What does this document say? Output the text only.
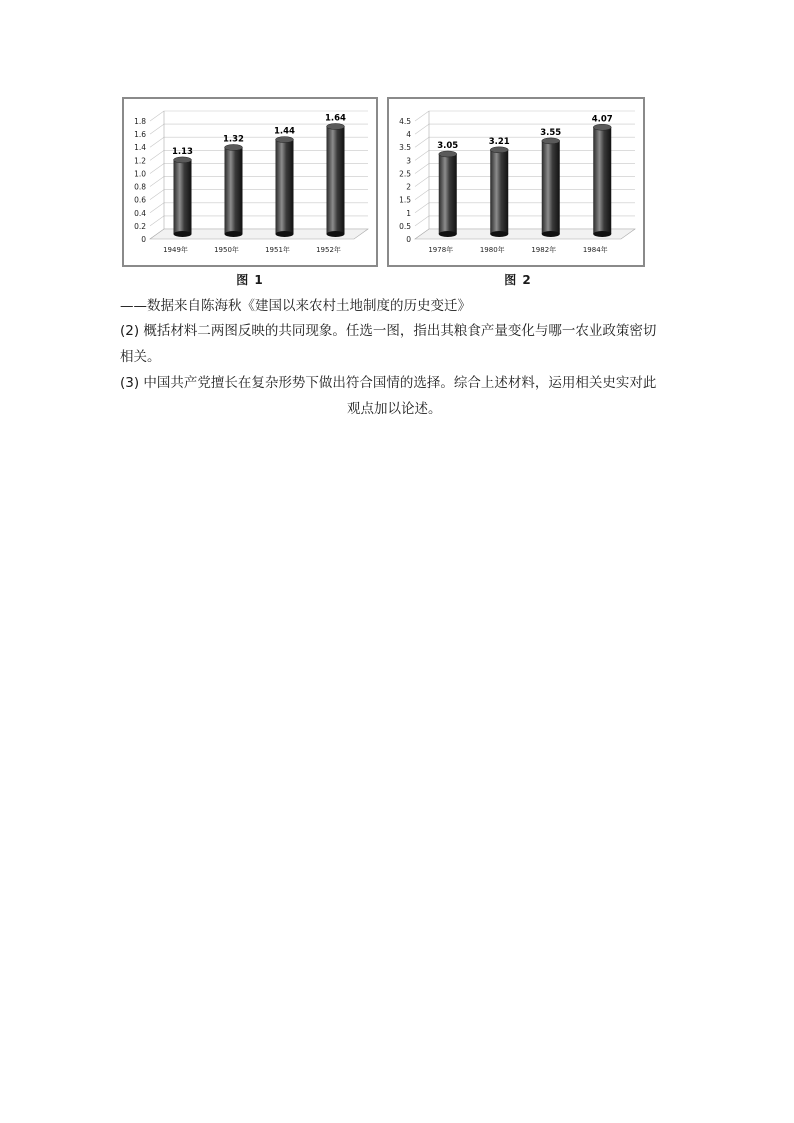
0
0.2
0.4
0.6
0.8
1.0
1.2
1.4
1.6
1.8
1.13
1949年
1.32
1950年
1.44
1951年
1.64
1952年
图 1
0
0.5
1
1.5
2
2.5
3
3.5
4
4.5
3.05
1978年
3.21
1980年
3.55
1982年
4.07
1984年
图 2
——数据来自陈海秋《建国以来农村土地制度的历史变迁》
(2) 概括材料二两图反映的共同现象。任选一图，指出其粮食产量变化与哪一农业政策密切
相关。
(3) 中国共产党擅长在复杂形势下做出符合国情的选择。综合上述材料，运用相关史实对此
观点加以论述。
